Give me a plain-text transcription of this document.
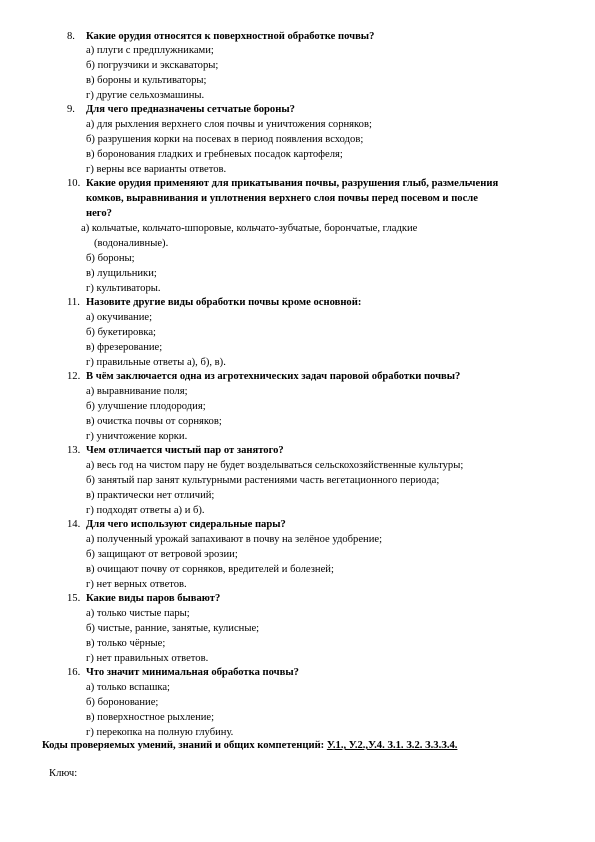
8. Какие орудия относятся к поверхностной обработке почвы?
а) плуги с предплужниками;
б) погрузчики и экскаваторы;
в) бороны и культиваторы;
г) другие сельхозмашины.
9. Для чего предназначены сетчатые бороны?
а) для рыхления верхнего слоя почвы и уничтожения сорняков;
б) разрушения корки на посевах в период появления всходов;
в) боронования гладких и гребневых посадок картофеля;
г) верны все варианты ответов.
10. Какие орудия применяют для прикатывания почвы, разрушения глыб, размельчения
комков, выравнивания и уплотнения верхнего слоя почвы перед посевом и после
него?
а) кольчатые, кольчато-шпоровые, кольчато-зубчатые, борончатые, гладкие
(водоналивные).
б) бороны;
в) лущильники;
г) культиваторы.
11. Назовите другие виды обработки почвы кроме основной:
а) окучивание;
б) букетировка;
в) фрезерование;
г) правильные ответы а), б), в).
12. В чём заключается одна из агротехнических задач паровой обработки почвы?
а) выравнивание поля;
б) улучшение плодородия;
в) очистка почвы от сорняков;
г) уничтожение корки.
13. Чем отличается чистый пар от занятого?
а) весь год на чистом пару не будет возделываться сельскохозяйственные культуры;
б) занятый пар занят культурными растениями часть вегетационного периода;
в) практически нет отличий;
г) подходят ответы а) и б).
14. Для чего используют сидеральные пары?
а) полученный урожай запахивают в почву на зелёное удобрение;
б) защищают от ветровой эрозии;
в) очищают почву от сорняков, вредителей и болезней;
г) нет верных ответов.
15. Какие виды паров бывают?
а) только чистые пары;
б) чистые, ранние, занятые, кулисные;
в) только чёрные;
г) нет правильных ответов.
16. Что значит минимальная обработка почвы?
а) только вспашка;
б) боронование;
в) поверхностное рыхление;
г) перекопка на полную глубину.
Коды проверяемых умений, знаний и общих компетенций: У.1., У.2.,У.4. З.1. З.2. З.3.З.4.
Ключ:
